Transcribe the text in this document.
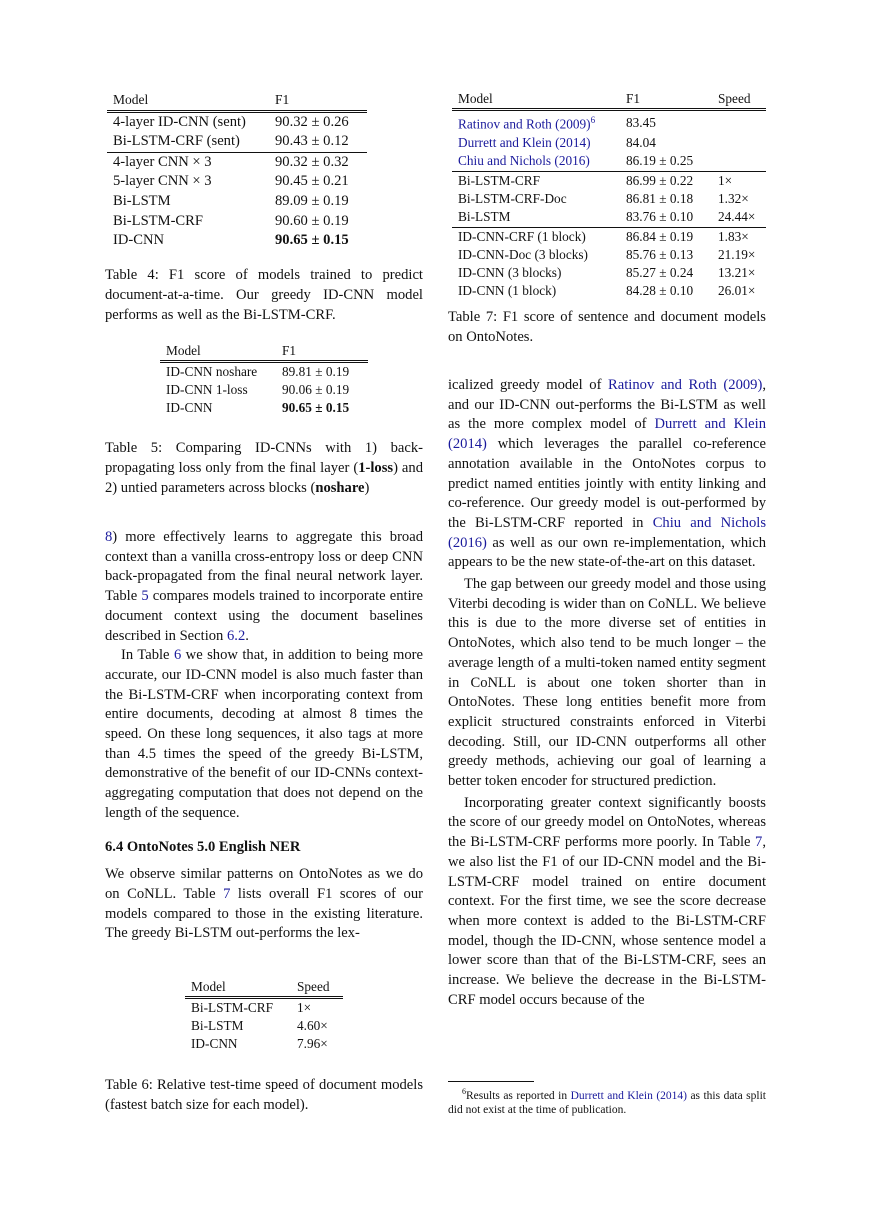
Model	F1
4-layer ID-CNN (sent)	90.32 ± 0.26
Bi-LSTM-CRF (sent)	90.43 ± 0.12
4-layer CNN × 3	90.32 ± 0.32
5-layer CNN × 3	90.45 ± 0.21
Bi-LSTM	89.09 ± 0.19
Bi-LSTM-CRF	90.60 ± 0.19
ID-CNN	90.65 ± 0.15
Table 4: F1 score of models trained to predict document-at-a-time. Our greedy ID-CNN model performs as well as the Bi-LSTM-CRF.
Model	F1
ID-CNN noshare	89.81 ± 0.19
ID-CNN 1-loss	90.06 ± 0.19
ID-CNN	90.65 ± 0.15
Table 5: Comparing ID-CNNs with 1) back-propagating loss only from the final layer (1-loss) and 2) untied parameters across blocks (noshare)

8) more effectively learns to aggregate this broad context than a vanilla cross-entropy loss or deep CNN back-propagated from the final neural network layer. Table 5 compares models trained to incorporate entire document context using the document baselines described in Section 6.2.

In Table 6 we show that, in addition to being more accurate, our ID-CNN model is also much faster than the Bi-LSTM-CRF when incorporating context from entire documents, decoding at almost 8 times the speed. On these long sequences, it also tags at more than 4.5 times the speed of the greedy Bi-LSTM, demonstrative of the benefit of our ID-CNNs context-aggregating computation that does not depend on the length of the sequence.

6.4 OntoNotes 5.0 English NER

We observe similar patterns on OntoNotes as we do on CoNLL. Table 7 lists overall F1 scores of our models compared to those in the existing literature. The greedy Bi-LSTM out-performs the lex-

Model	Speed
Bi-LSTM-CRF	1×
Bi-LSTM	4.60×
ID-CNN	7.96×
Table 6: Relative test-time speed of document models (fastest batch size for each model).
Model	F1	Speed
Ratinov and Roth $(2009)^6$	83.45	
Durrett and Klein (2014)	84.04	
Chiu and Nichols (2016)	86.19 ± 0.25	
Bi-LSTM-CRF	86.99 ± 0.22	1×
Bi-LSTM-CRF-Doc	86.81 ± 0.18	1.32×
Bi-LSTM	83.76 ± 0.10	24.44×
ID-CNN-CRF (1 block)	86.84 ± 0.19	1.83×
ID-CNN-Doc (3 blocks)	85.76 ± 0.13	21.19×
ID-CNN (3 blocks)	85.27 ± 0.24	13.21×
ID-CNN (1 block)	84.28 ± 0.10	26.01×
Table 7: F1 score of sentence and document models on OntoNotes.

icalized greedy model of Ratinov and Roth (2009), and our ID-CNN out-performs the Bi-LSTM as well as the more complex model of Durrett and Klein (2014) which leverages the parallel co-reference annotation available in the OntoNotes corpus to predict named entities jointly with entity linking and co-reference. Our greedy model is out-performed by the Bi-LSTM-CRF reported in Chiu and Nichols (2016) as well as our own re-implementation, which appears to be the new state-of-the-art on this dataset.

The gap between our greedy model and those using Viterbi decoding is wider than on CoNLL. We believe this is due to the more diverse set of entities in OntoNotes, which also tend to be much longer – the average length of a multi-token named entity segment in CoNLL is about one token shorter than in OntoNotes. These long entities benefit more from explicit structured constraints enforced in Viterbi decoding. Still, our ID-CNN outperforms all other greedy methods, achieving our goal of learning a better token encoder for structured prediction.

Incorporating greater context significantly boosts the score of our greedy model on OntoNotes, whereas the Bi-LSTM-CRF performs more poorly. In Table 7, we also list the F1 of our ID-CNN model and the Bi-LSTM-CRF model trained on entire document context. For the first time, we see the score decrease when more context is added to the Bi-LSTM-CRF model, though the ID-CNN, whose sentence model a lower score than that of the Bi-LSTM-CRF, sees an increase. We believe the decrease in the Bi-LSTM-CRF model occurs because of the

$^6$Results as reported in Durrett and Klein (2014) as this data split did not exist at the time of publication.
